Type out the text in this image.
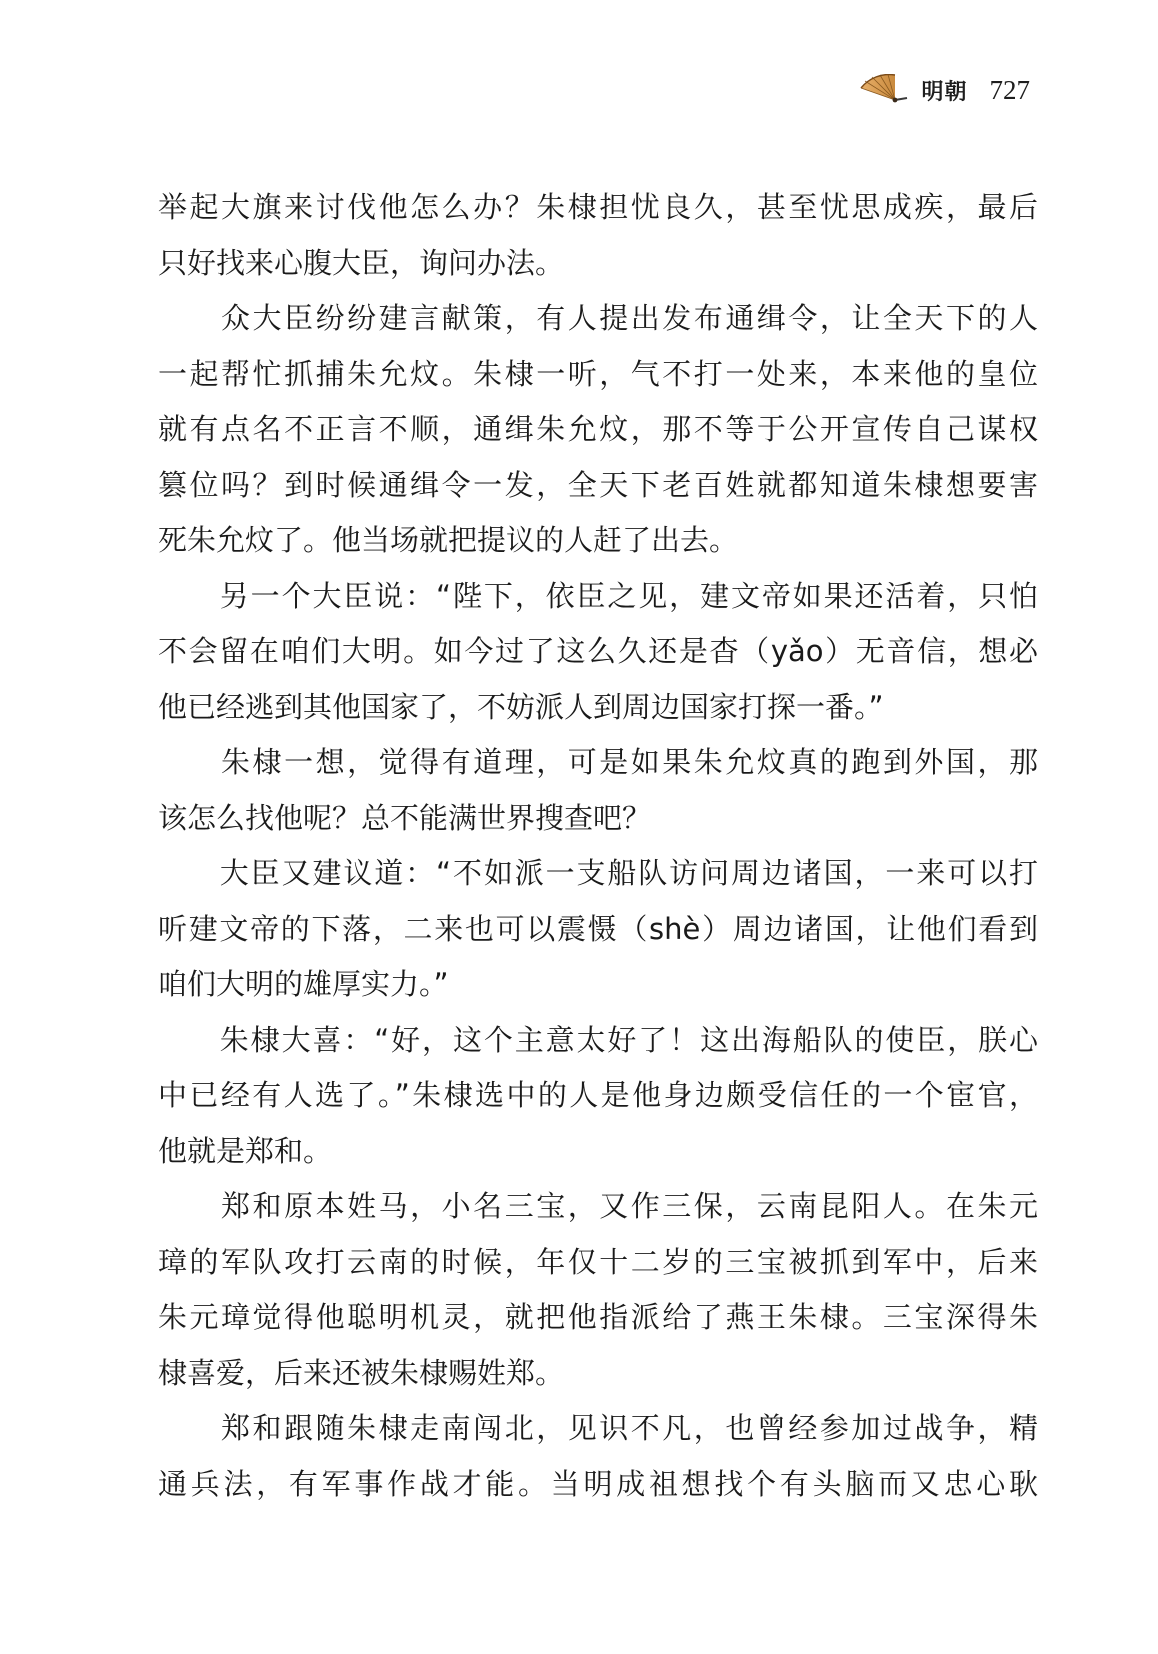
明朝 727
举起大旗来讨伐他怎么办？朱棣担忧良久，甚至忧思成疾，最后
只好找来心腹大臣，询问办法。
　　众大臣纷纷建言献策，有人提出发布通缉令，让全天下的人
一起帮忙抓捕朱允炆。朱棣一听，气不打一处来，本来他的皇位
就有点名不正言不顺，通缉朱允炆，那不等于公开宣传自己谋权
篡位吗？到时候通缉令一发，全天下老百姓就都知道朱棣想要害
死朱允炆了。他当场就把提议的人赶了出去。
　　另一个大臣说：“陛下，依臣之见，建文帝如果还活着，只怕
不会留在咱们大明。如今过了这么久还是杳（yǎo）无音信，想必
他已经逃到其他国家了，不妨派人到周边国家打探一番。”
　　朱棣一想，觉得有道理，可是如果朱允炆真的跑到外国，那
该怎么找他呢？总不能满世界搜查吧？
　　大臣又建议道：“不如派一支船队访问周边诸国，一来可以打
听建文帝的下落，二来也可以震慑（shè）周边诸国，让他们看到
咱们大明的雄厚实力。”
　　朱棣大喜：“好，这个主意太好了！这出海船队的使臣，朕心
中已经有人选了。”朱棣选中的人是他身边颇受信任的一个宦官，
他就是郑和。
　　郑和原本姓马，小名三宝，又作三保，云南昆阳人。在朱元
璋的军队攻打云南的时候，年仅十二岁的三宝被抓到军中，后来
朱元璋觉得他聪明机灵，就把他指派给了燕王朱棣。三宝深得朱
棣喜爱，后来还被朱棣赐姓郑。
　　郑和跟随朱棣走南闯北，见识不凡，也曾经参加过战争，精
通兵法，有军事作战才能。当明成祖想找个有头脑而又忠心耿
